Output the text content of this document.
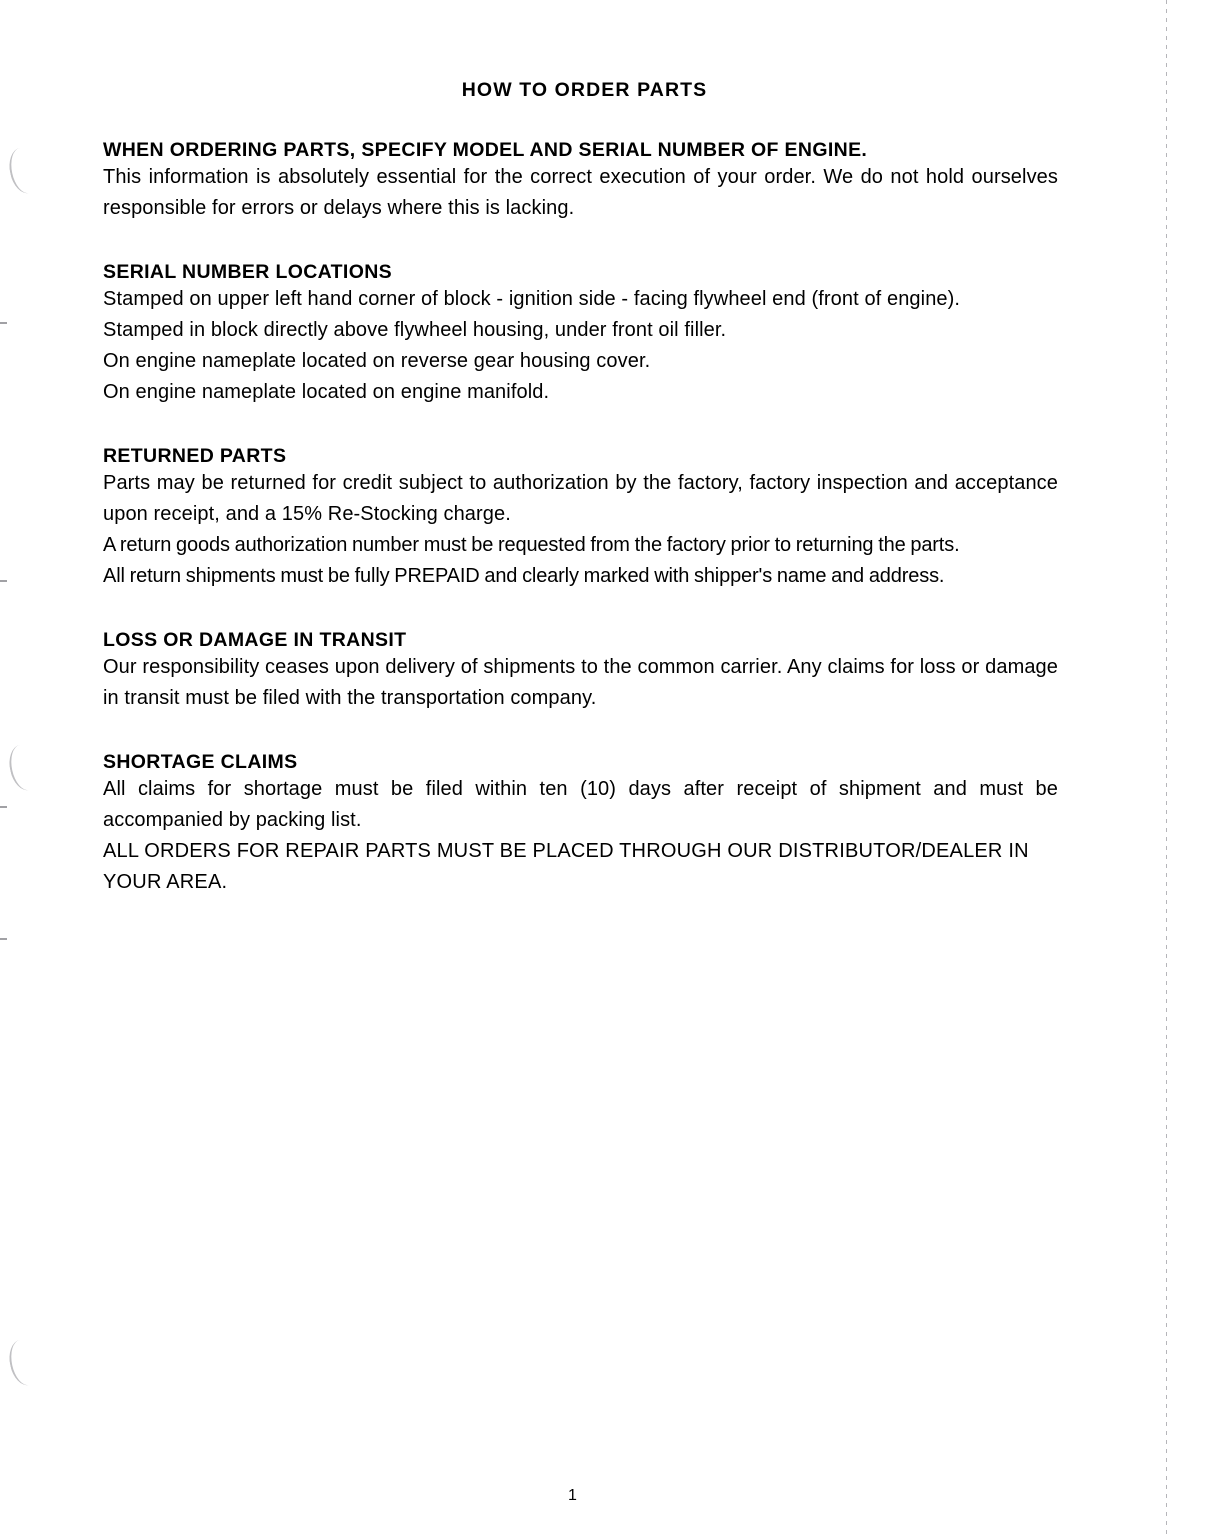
HOW TO ORDER PARTS
WHEN ORDERING PARTS, SPECIFY MODEL AND SERIAL NUMBER OF ENGINE.

This information is absolutely essential for the correct execution of your order. We do not hold ourselves responsible for errors or delays where this is lacking.

SERIAL NUMBER LOCATIONS

Stamped on upper left hand corner of block - ignition side - facing flywheel end (front of engine).

Stamped in block directly above flywheel housing, under front oil filler.

On engine nameplate located on reverse gear housing cover.

On engine nameplate located on engine manifold.

RETURNED PARTS

Parts may be returned for credit subject to authorization by the factory, factory inspection and acceptance upon receipt, and a 15% Re-Stocking charge.

A return goods authorization number must be requested from the factory prior to returning the parts.

All return shipments must be fully PREPAID and clearly marked with shipper's name and address.

LOSS OR DAMAGE IN TRANSIT

Our responsibility ceases upon delivery of shipments to the common carrier. Any claims for loss or damage in transit must be filed with the transportation company.

SHORTAGE CLAIMS

All claims for shortage must be filed within ten (10) days after receipt of shipment and must be accompanied by packing list.

ALL ORDERS FOR REPAIR PARTS MUST BE PLACED THROUGH OUR DISTRIBUTOR/DEALER IN YOUR AREA.

1
